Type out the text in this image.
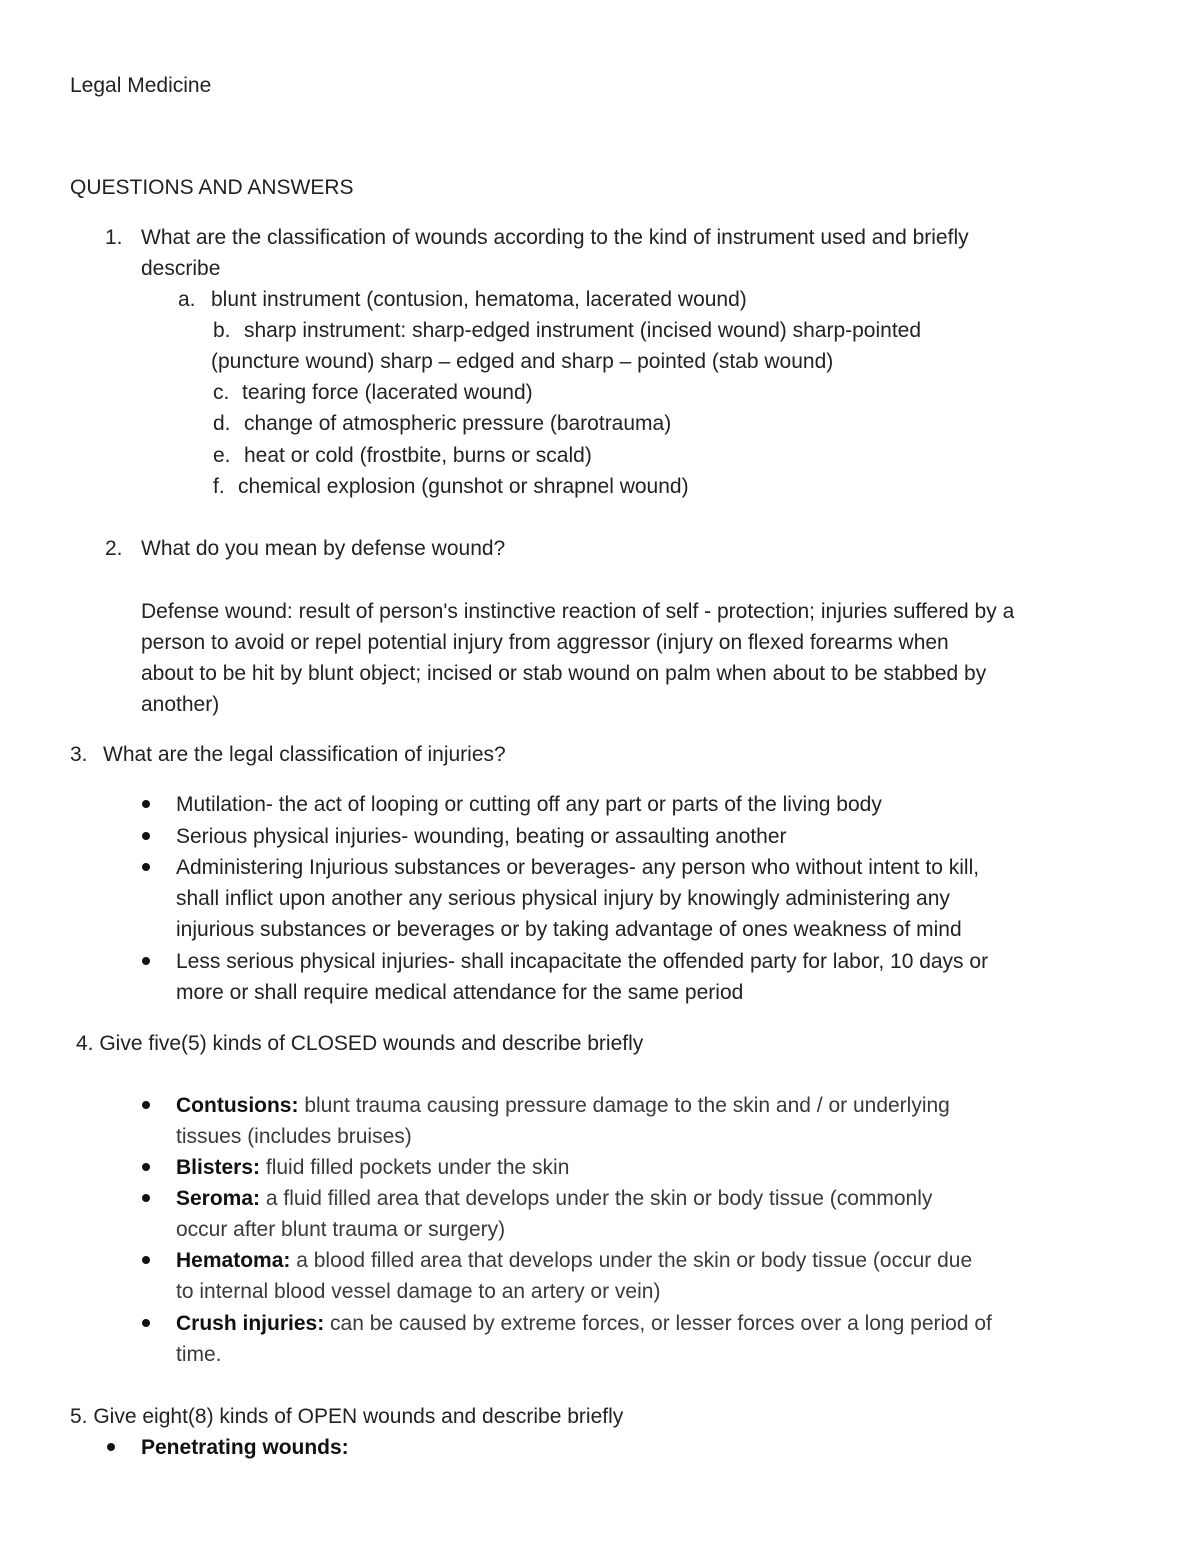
Legal Medicine
QUESTIONS AND ANSWERS
1. What are the classification of wounds according to the kind of instrument used and briefly
describe
a. blunt instrument (contusion, hematoma, lacerated wound)
b. sharp instrument: sharp-edged instrument (incised wound) sharp-pointed
(puncture wound) sharp – edged and sharp – pointed (stab wound)
c. tearing force (lacerated wound)
d. change of atmospheric pressure (barotrauma)
e. heat or cold (frostbite, burns or scald)
f. chemical explosion (gunshot or shrapnel wound)
2. What do you mean by defense wound?
Defense wound: result of person's instinctive reaction of self - protection; injuries suffered by a
person to avoid or repel potential injury from aggressor (injury on flexed forearms when
about to be hit by blunt object; incised or stab wound on palm when about to be stabbed by
another)
3. What are the legal classification of injuries?
Mutilation- the act of looping or cutting off any part or parts of the living body
Serious physical injuries- wounding, beating or assaulting another
Administering Injurious substances or beverages- any person who without intent to kill,
shall inflict upon another any serious physical injury by knowingly administering any
injurious substances or beverages or by taking advantage of ones weakness of mind
Less serious physical injuries- shall incapacitate the offended party for labor, 10 days or
more or shall require medical attendance for the same period
4. Give five(5) kinds of CLOSED wounds and describe briefly
Contusions: blunt trauma causing pressure damage to the skin and / or underlying
tissues (includes bruises)
Blisters: fluid filled pockets under the skin
Seroma: a fluid filled area that develops under the skin or body tissue (commonly
occur after blunt trauma or surgery)
Hematoma: a blood filled area that develops under the skin or body tissue (occur due
to internal blood vessel damage to an artery or vein)
Crush injuries: can be caused by extreme forces, or lesser forces over a long period of
time.
5. Give eight(8) kinds of OPEN wounds and describe briefly
Penetrating wounds:
